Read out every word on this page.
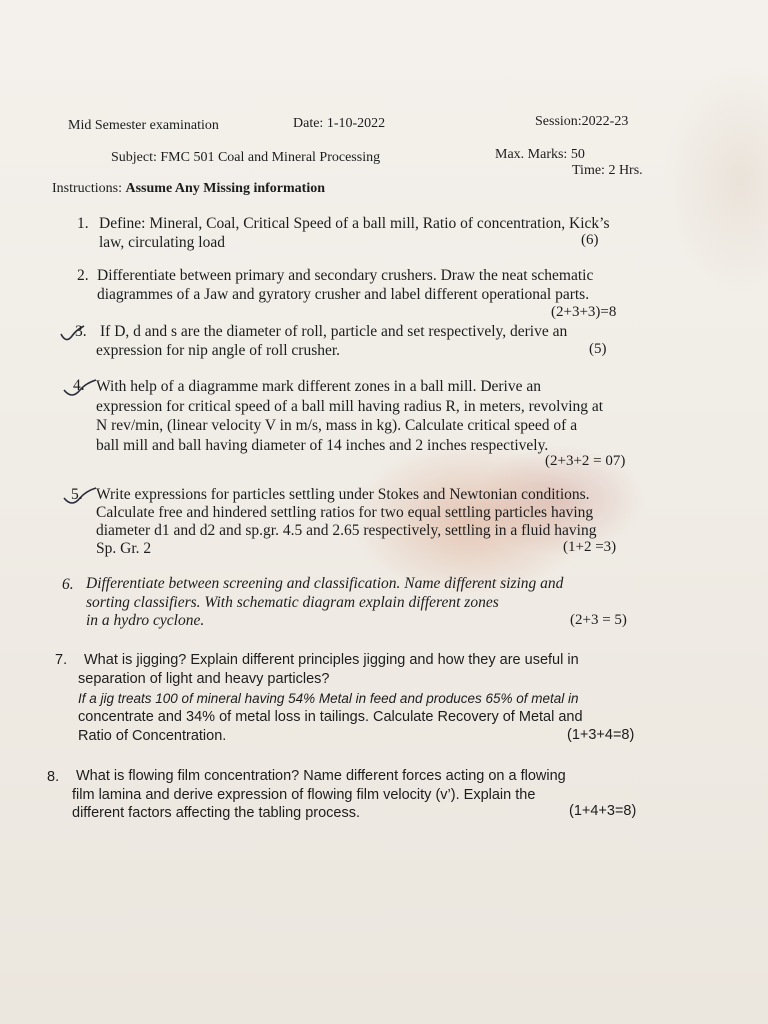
Mid Semester examination	Date: 1-10-2022	Session:2022-23
Subject: FMC 501 Coal and Mineral Processing	Max. Marks: 50
Time: 2 Hrs.
Instructions: Assume Any Missing information
1. Define: Mineral, Coal, Critical Speed of a ball mill, Ratio of concentration, Kick’s
law, circulating load	(6)
2. Differentiate between primary and secondary crushers. Draw the neat schematic
diagrammes of a Jaw and gyratory crusher and label different operational parts.
(2+3+3)=8
3. If D, d and s are the diameter of roll, particle and set respectively, derive an
expression for nip angle of roll crusher.	(5)
4. With help of a diagramme mark different zones in a ball mill. Derive an
expression for critical speed of a ball mill having radius R, in meters, revolving at
N rev/min, (linear velocity V in m/s, mass in kg). Calculate critical speed of a
ball mill and ball having diameter of 14 inches and 2 inches respectively.
(2+3+2 = 07)
5. Write expressions for particles settling under Stokes and Newtonian conditions.
Calculate free and hindered settling ratios for two equal settling particles having
diameter d1 and d2 and sp.gr. 4.5 and 2.65 respectively, settling in a fluid having
Sp. Gr. 2	(1+2 =3)
6. Differentiate between screening and classification. Name different sizing and
sorting classifiers. With schematic diagram explain different zones
in a hydro cyclone.	(2+3 = 5)
7. What is jigging? Explain different principles jigging and how they are useful in
separation of light and heavy particles?
If a jig treats 100 of mineral having 54% Metal in feed and produces 65% of metal in
concentrate and 34% of metal loss in tailings. Calculate Recovery of Metal and
Ratio of Concentration.	(1+3+4=8)
8. What is flowing film concentration? Name different forces acting on a flowing
film lamina and derive expression of flowing film velocity (v’). Explain the
different factors affecting the tabling process.	(1+4+3=8)
